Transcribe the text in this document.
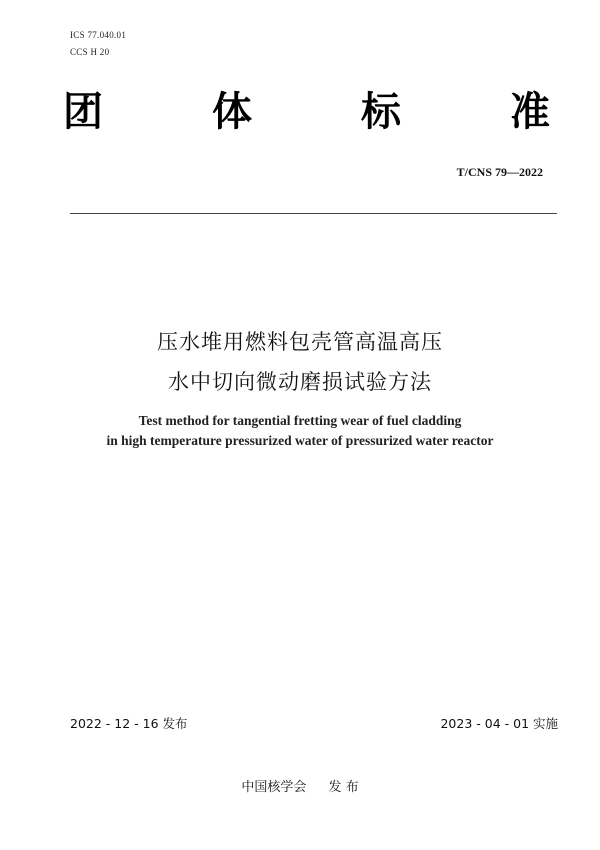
ICS 77.040.01
CCS H 20
团	体	标	准
T/CNS 79—2022
压水堆用燃料包壳管高温高压
水中切向微动磨损试验方法
Test method for tangential fretting wear of fuel cladding
in high temperature pressurized water of pressurized water reactor
2022 - 12 - 16 发布	2023 - 04 - 01 实施
中国核学会 发 布
